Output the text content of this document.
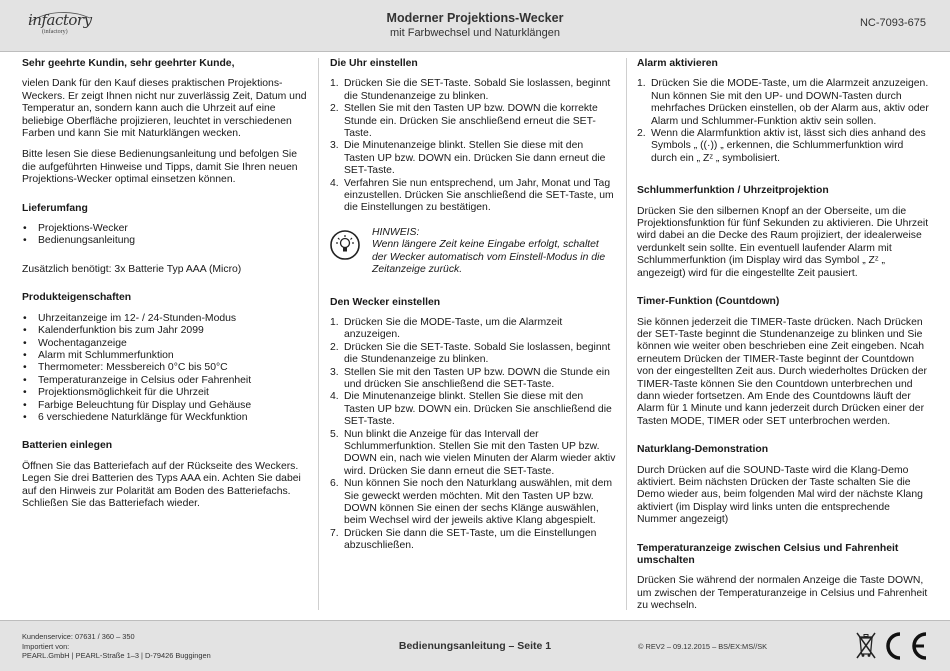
infactory
(infactory)
Moderner Projektions-Wecker
mit Farbwechsel und Naturklängen
NC-7093-675
Sehr geehrte Kundin, sehr geehrter Kunde,
vielen Dank für den Kauf dieses praktischen Projektions-Weckers. Er zeigt Ihnen nicht nur zuverlässig Zeit, Datum und Temperatur an, sondern kann auch die Uhrzeit auf eine beliebige Oberfläche projizieren, leuchtet in verschiedenen Farben und kann Sie mit Naturklängen wecken.
Bitte lesen Sie diese Bedienungsanleitung und befolgen Sie die aufgeführten Hinweise und Tipps, damit Sie Ihren neuen Projektions-Wecker optimal einsetzen können.
Lieferumfang
• Projektions-Wecker
• Bedienungsanleitung
Zusätzlich benötigt: 3x Batterie Typ AAA (Micro)
Produkteigenschaften
• Uhrzeitanzeige im 12- / 24-Stunden-Modus
• Kalenderfunktion bis zum Jahr 2099
• Wochentaganzeige
• Alarm mit Schlummerfunktion
• Thermometer: Messbereich 0°C bis 50°C
• Temperaturanzeige in Celsius oder Fahrenheit
• Projektionsmöglichkeit für die Uhrzeit
• Farbige Beleuchtung für Display und Gehäuse
• 6 verschiedene Naturklänge für Weckfunktion
Batterien einlegen
Öffnen Sie das Batteriefach auf der Rückseite des Weckers. Legen Sie drei Batterien des Typs AAA ein. Achten Sie dabei auf den Hinweis zur Polarität am Boden des Batteriefachs. Schließen Sie das Batteriefach wieder.
Die Uhr einstellen
1. Drücken Sie die SET-Taste. Sobald Sie loslassen, beginnt die Stundenanzeige zu blinken.
2. Stellen Sie mit den Tasten UP bzw. DOWN die korrekte Stunde ein. Drücken Sie anschließend erneut die SET-Taste.
3. Die Minutenanzeige blinkt. Stellen Sie diese mit den Tasten UP bzw. DOWN ein. Drücken Sie dann erneut die SET-Taste.
4. Verfahren Sie nun entsprechend, um Jahr, Monat und Tag einzustellen. Drücken Sie anschließend die SET-Taste, um die Einstellungen zu bestätigen.
HINWEIS:
Wenn längere Zeit keine Eingabe erfolgt, schaltet der Wecker automatisch vom Einstell-Modus in die Zeitanzeige zurück.
Den Wecker einstellen
1. Drücken Sie die MODE-Taste, um die Alarmzeit anzuzeigen.
2. Drücken Sie die SET-Taste. Sobald Sie loslassen, beginnt die Stundenanzeige zu blinken.
3. Stellen Sie mit den Tasten UP bzw. DOWN die Stunde ein und drücken Sie anschließend die SET-Taste.
4. Die Minutenanzeige blinkt. Stellen Sie diese mit den Tasten UP bzw. DOWN ein. Drücken Sie anschließend die SET-Taste.
5. Nun blinkt die Anzeige für das Intervall der Schlummerfunktion. Stellen Sie mit den Tasten UP bzw. DOWN ein, nach wie vielen Minuten der Alarm wieder aktiv wird. Drücken Sie dann erneut die SET-Taste.
6. Nun können Sie noch den Naturklang auswählen, mit dem Sie geweckt werden möchten. Mit den Tasten UP bzw. DOWN können Sie einen der sechs Klänge auswählen, beim Wechsel wird der jeweils aktive Klang abgespielt.
7. Drücken Sie dann die SET-Taste, um die Einstellungen abzuschließen.
Alarm aktivieren
1. Drücken Sie die MODE-Taste, um die Alarmzeit anzuzeigen. Nun können Sie mit den UP- und DOWN-Tasten durch mehrfaches Drücken einstellen, ob der Alarm aus, aktiv oder Alarm und Schlummer-Funktion aktiv sein sollen.
2. Wenn die Alarmfunktion aktiv ist, lässt sich dies anhand des Symbols „ ((·)) „ erkennen, die Schlummerfunktion wird durch ein „ Zᶻ „ symbolisiert.
Schlummerfunktion / Uhrzeitprojektion
Drücken Sie den silbernen Knopf an der Oberseite, um die Projektionsfunktion für fünf Sekunden zu aktivieren. Die Uhrzeit wird dabei an die Decke des Raum projiziert, der idealerweise verdunkelt sein sollte. Ein eventuell laufender Alarm mit Schlummerfunktion (im Display wird das Symbol „ Zᶻ „ angezeigt) wird für die eingestellte Zeit pausiert.
Timer-Funktion (Countdown)
Sie können jederzeit die TIMER-Taste drücken. Nach Drücken der SET-Taste beginnt die Stundenanzeige zu blinken und Sie können wie weiter oben beschrieben eine Zeit eingeben. Ncah erneutem Drücken der TIMER-Taste beginnt der Countdown von der eingestellten Zeit aus. Durch wiederholtes Drücken der TIMER-Taste können Sie den Countdown unterbrechen und dann wieder fortsetzen. Am Ende des Countdowns läuft der Alarm für 1 Minute und kann jederzeit durch Drücken einer der Tasten MODE, TIMER oder SET unterbrochen werden.
Naturklang-Demonstration
Durch Drücken auf die SOUND-Taste wird die Klang-Demo aktiviert. Beim nächsten Drücken der Taste schalten Sie die Demo wieder aus, beim folgenden Mal wird der nächste Klang aktiviert (im Display wird links unten die entsprechende Nummer angezeigt)
Temperaturanzeige zwischen Celsius und Fahrenheit umschalten
Drücken Sie während der normalen Anzeige die Taste DOWN, um zwischen der Temperaturanzeige in Celsius und Fahrenheit zu wechseln.
Kundenservice: 07631 / 360 – 350
Importiert von:
PEARL.GmbH | PEARL-Straße 1–3 | D-79426 Buggingen
Bedienungsanleitung – Seite 1	© REV2 – 09.12.2015 – BS/EX:MS//SK
